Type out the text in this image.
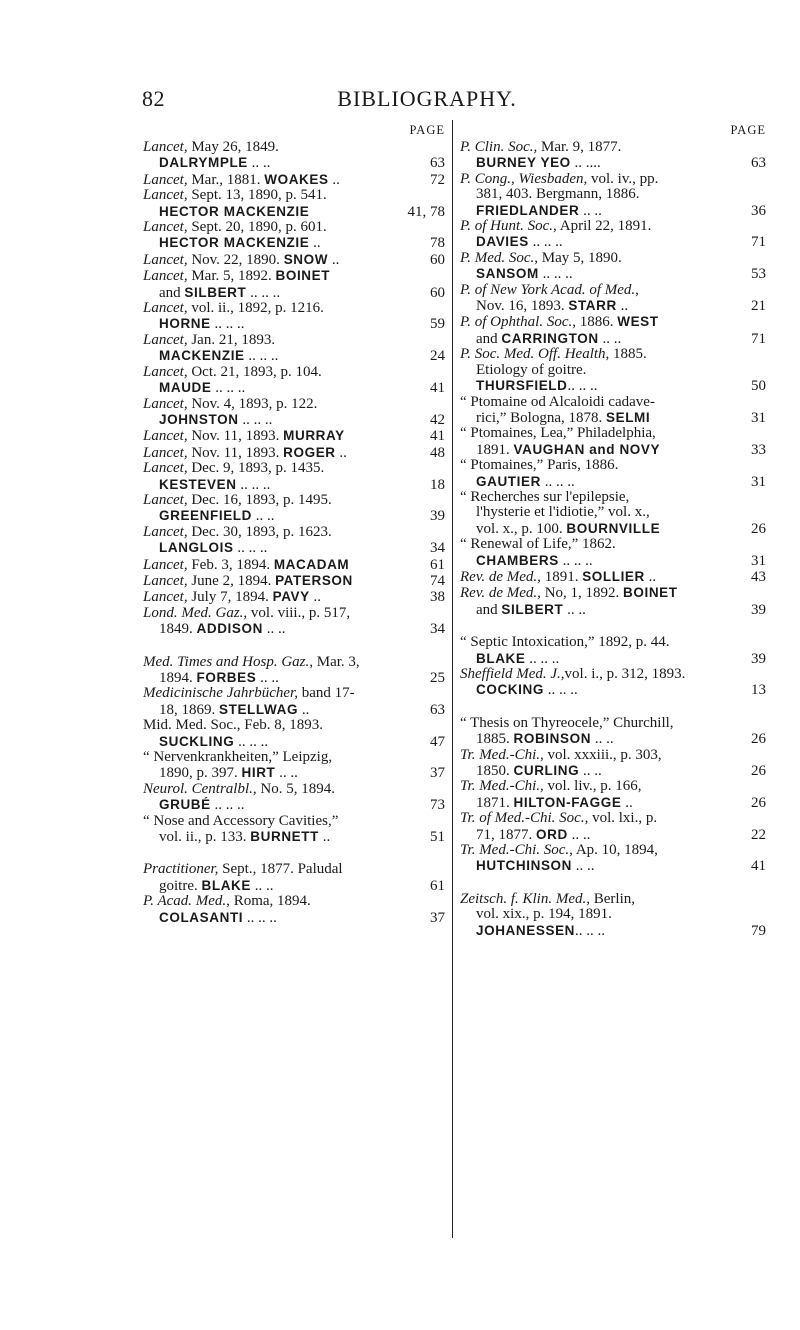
82	BIBLIOGRAPHY.
PAGE
Lancet, May 26, 1849.
DALRYMPLE .. ..	63
Lancet, Mar., 1881. WOAKES ..	72
Lancet, Sept. 13, 1890, p. 541.
HECTOR MACKENZIE	41, 78
Lancet, Sept. 20, 1890, p. 601.
HECTOR MACKENZIE ..	78
Lancet, Nov. 22, 1890. SNOW ..	60
Lancet, Mar. 5, 1892. BOINET
and SILBERT .. .. ..	60
Lancet, vol. ii., 1892, p. 1216.
HORNE .. .. ..	59
Lancet, Jan. 21, 1893.
MACKENZIE .. .. ..	24
Lancet, Oct. 21, 1893, p. 104.
MAUDE .. .. ..	41
Lancet, Nov. 4, 1893, p. 122.
JOHNSTON .. .. ..	42
Lancet, Nov. 11, 1893. MURRAY	41
Lancet, Nov. 11, 1893. ROGER ..	48
Lancet, Dec. 9, 1893, p. 1435.
KESTEVEN .. .. ..	18
Lancet, Dec. 16, 1893, p. 1495.
GREENFIELD .. ..	39
Lancet, Dec. 30, 1893, p. 1623.
LANGLOIS .. .. ..	34
Lancet, Feb. 3, 1894. MACADAM	61
Lancet, June 2, 1894. PATERSON	74
Lancet, July 7, 1894. PAVY ..	38
Lond. Med. Gaz., vol. viii., p. 517,
1849. ADDISON .. ..	34
Med. Times and Hosp. Gaz., Mar. 3,
1894. FORBES .. ..	25
Medicinische Jahrbücher, band 17-
18, 1869. STELLWAG ..	63
Mid. Med. Soc., Feb. 8, 1893.
SUCKLING .. .. ..	47
“ Nervenkrankheiten,” Leipzig,
1890, p. 397. HIRT .. ..	37
Neurol. Centralbl., No. 5, 1894.
GRUBÉ .. .. ..	73
“ Nose and Accessory Cavities,”
vol. ii., p. 133. BURNETT ..	51
Practitioner, Sept., 1877. Paludal
goitre. BLAKE .. ..	61
P. Acad. Med., Roma, 1894.
COLASANTI .. .. ..	37
PAGE
P. Clin. Soc., Mar. 9, 1877.
BURNEY YEO .. ....	63
P. Cong., Wiesbaden, vol. iv., pp.
381, 403. Bergmann, 1886.
FRIEDLANDER .. ..	36
P. of Hunt. Soc., April 22, 1891.
DAVIES .. .. ..	71
P. Med. Soc., May 5, 1890.
SANSOM .. .. ..	53
P. of New York Acad. of Med.,
Nov. 16, 1893. STARR ..	21
P. of Ophthal. Soc., 1886. WEST
and CARRINGTON .. ..	71
P. Soc. Med. Off. Health, 1885.
Etiology of goitre.
THURSFIELD.. .. ..	50
“ Ptomaine od Alcaloidi cadave-
rici,” Bologna, 1878. SELMI	31
“ Ptomaines, Lea,” Philadelphia,
1891. VAUGHAN and NOVY	33
“ Ptomaines,” Paris, 1886.
GAUTIER .. .. ..	31
“ Recherches sur l'epilepsie,
l'hysterie et l'idiotie,” vol. x.,
vol. x., p. 100. BOURNVILLE	26
“ Renewal of Life,” 1862.
CHAMBERS .. .. ..	31
Rev. de Med., 1891. SOLLIER ..	43
Rev. de Med., No, 1, 1892. BOINET
and SILBERT .. ..	39
“ Septic Intoxication,” 1892, p. 44.
BLAKE .. .. ..	39
Sheffield Med. J.,vol. i., p. 312, 1893.
COCKING .. .. ..	13
“ Thesis on Thyreocele,” Churchill,
1885. ROBINSON .. ..	26
Tr. Med.-Chi., vol. xxxiii., p. 303,
1850. CURLING .. ..	26
Tr. Med.-Chi., vol. liv., p. 166,
1871. HILTON-FAGGE ..	26
Tr. of Med.-Chi. Soc., vol. lxi., p.
71, 1877. ORD .. ..	22
Tr. Med.-Chi. Soc., Ap. 10, 1894,
HUTCHINSON .. ..	41
Zeitsch. f. Klin. Med., Berlin,
vol. xix., p. 194, 1891.
JOHANESSEN.. .. ..	79
